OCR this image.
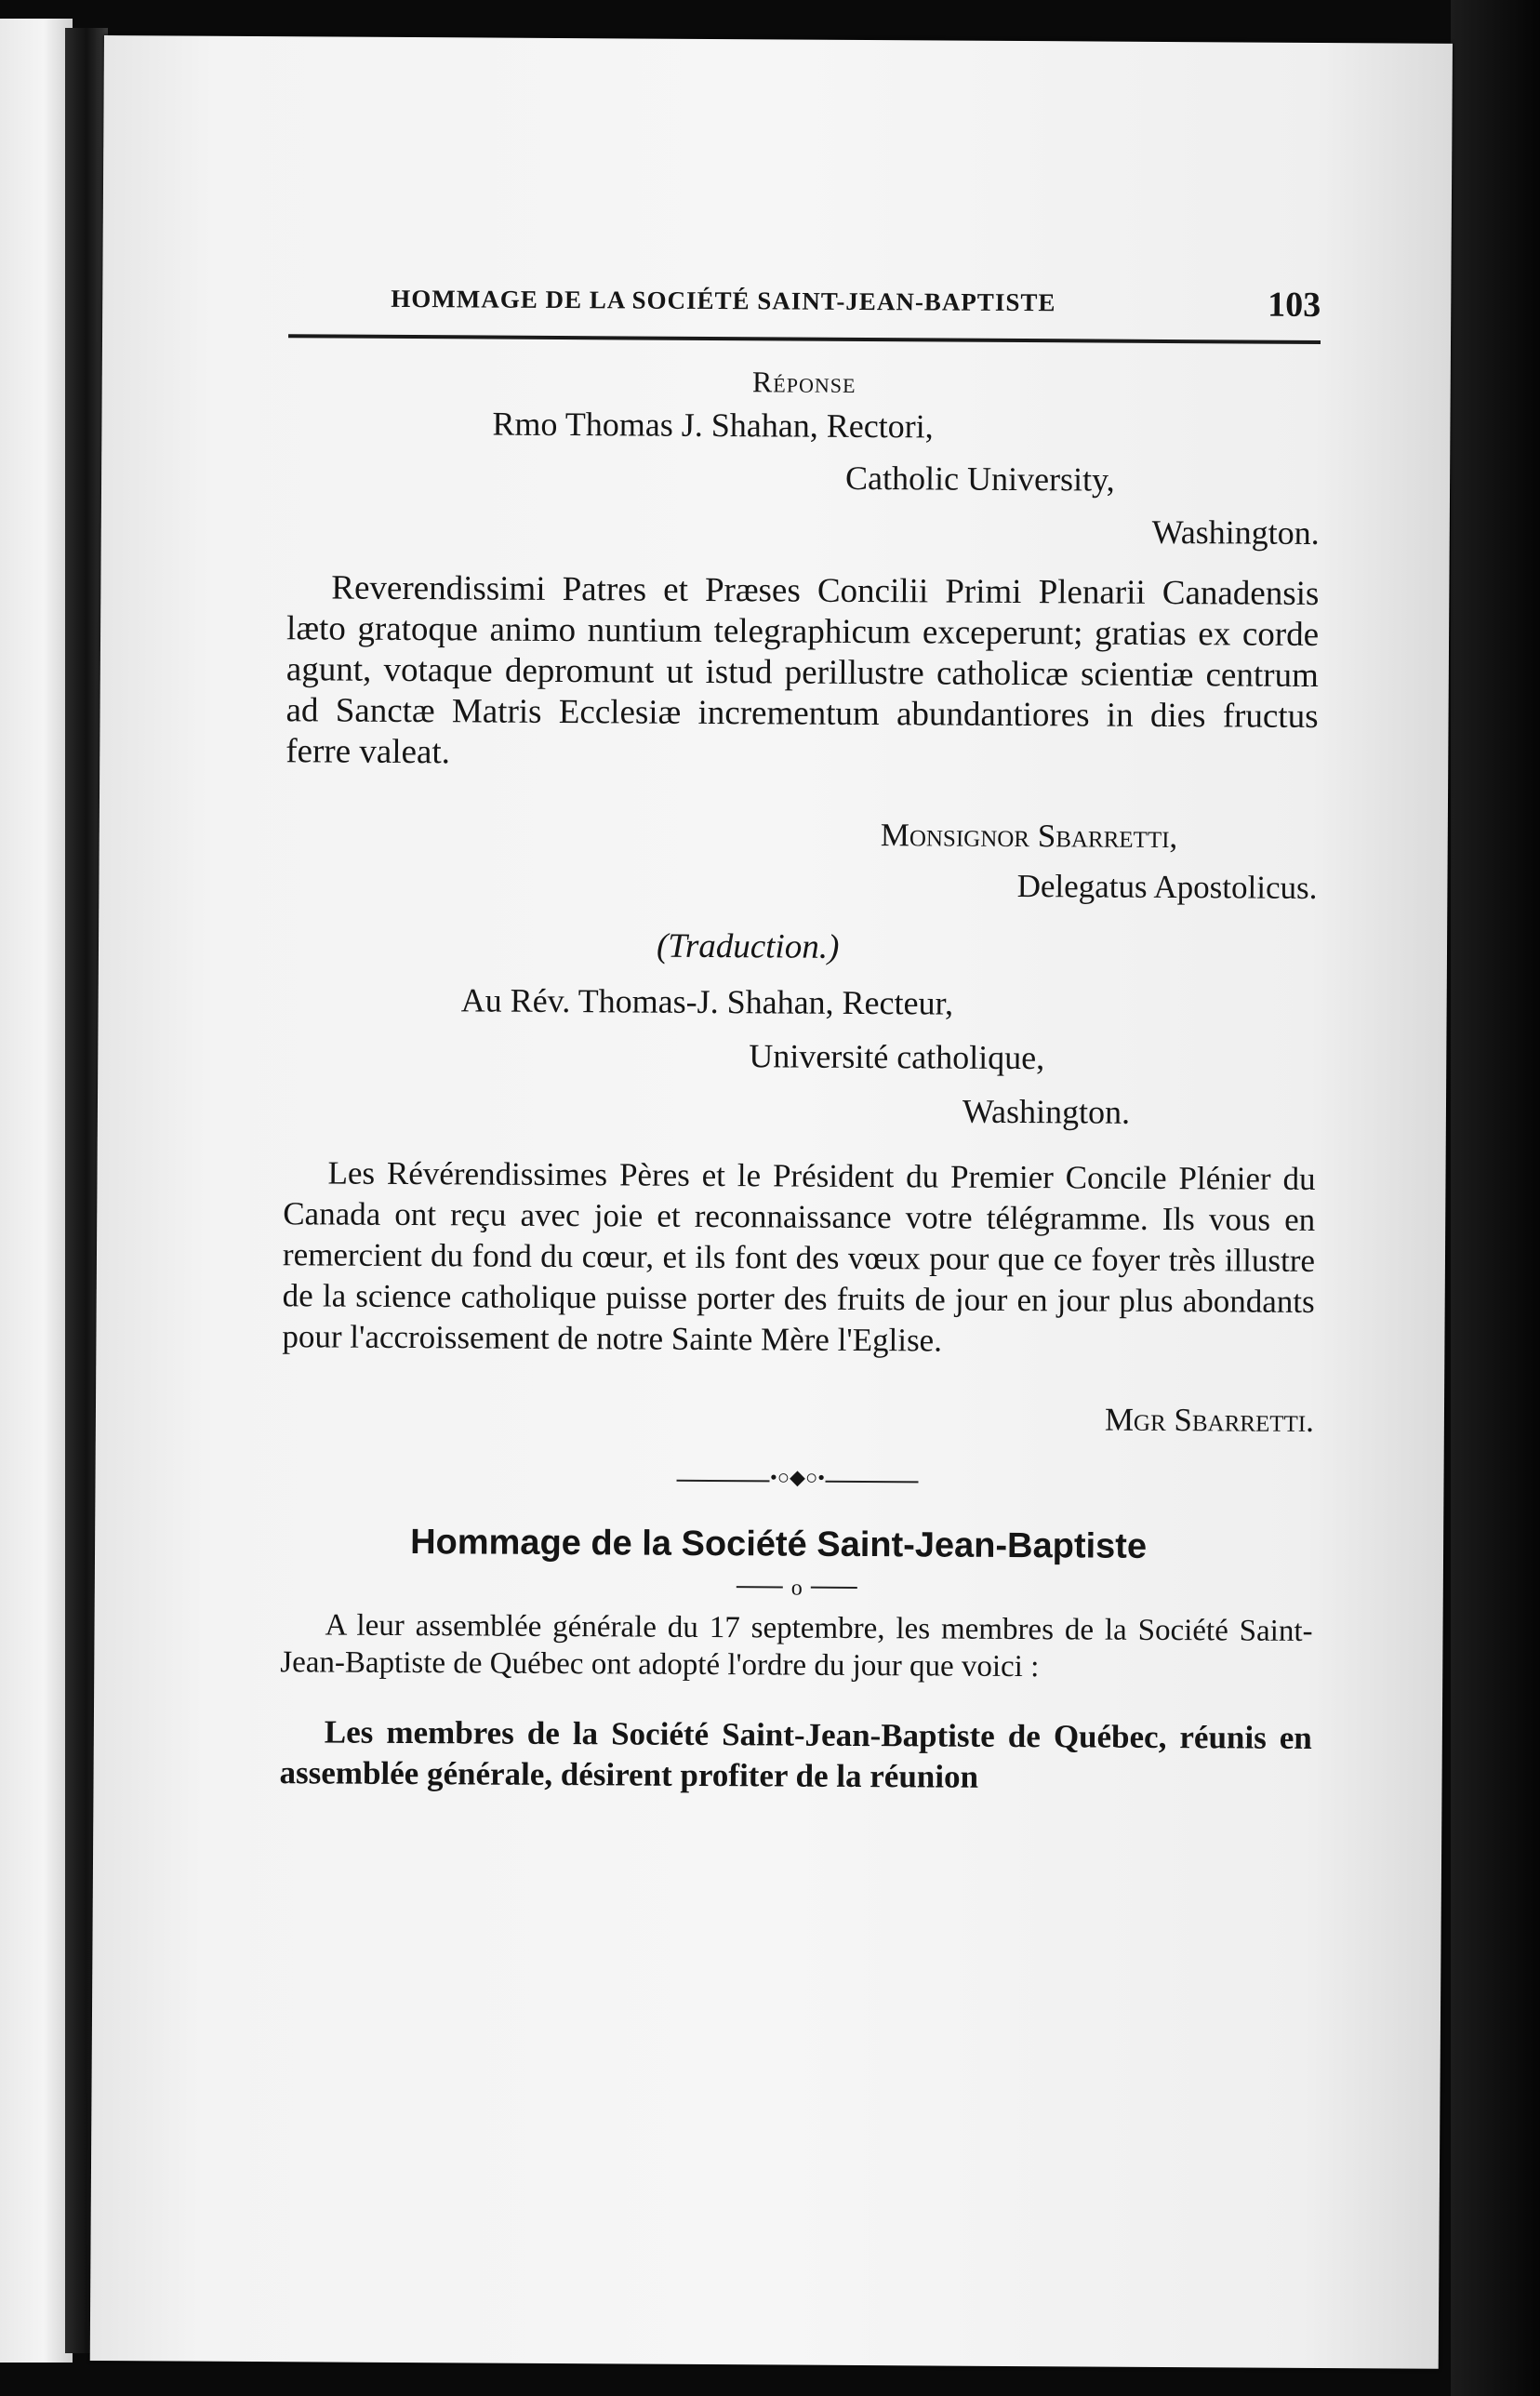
HOMMAGE DE LA SOCIÉTÉ SAINT-JEAN-BAPTISTE	103
Réponse
Rmo Thomas J. Shahan, Rectori,
Catholic University,
Washington.

Reverendissimi Patres et Præses Concilii Primi Plenarii Canadensis læto gratoque animo nuntium telegraphicum exceperunt; gratias ex corde agunt, votaque depromunt ut istud perillustre catholicæ scientiæ centrum ad Sanctæ Matris Ecclesiæ incrementum abundantiores in dies fructus ferre valeat.

Monsignor Sbarretti,
Delegatus Apostolicus.
(Traduction.)
Au Rév. Thomas-J. Shahan, Recteur,
Université catholique,
Washington.

Les Révérendissimes Pères et le Président du Premier Concile Plénier du Canada ont reçu avec joie et reconnaissance votre télégramme. Ils vous en remercient du fond du cœur, et ils font des vœux pour que ce foyer très illustre de la science catholique puisse porter des fruits de jour en jour plus abondants pour l'accroissement de notre Sainte Mère l'Eglise.

Mgr Sbarretti.
•○◆○•
Hommage de la Société Saint-Jean-Baptiste
o

A leur assemblée générale du 17 septembre, les membres de la Société Saint-Jean-Baptiste de Québec ont adopté l'ordre du jour que voici :

Les membres de la Société Saint-Jean-Baptiste de Québec, réunis en assemblée générale, désirent profiter de la réunion
